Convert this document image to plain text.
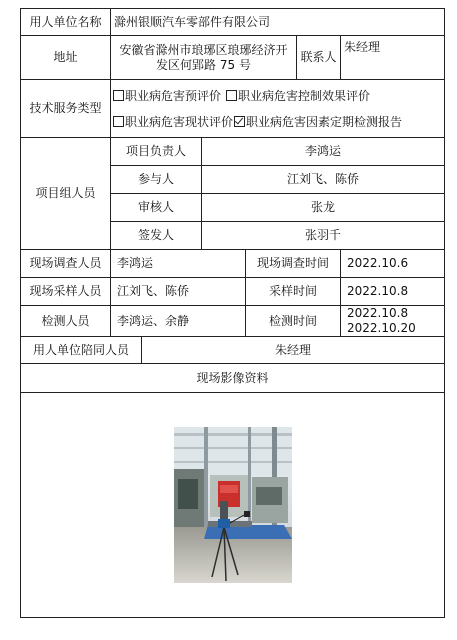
用人单位名称	滁州银顺汽车零部件有限公司					
地址	安徽省滁州市琅琊区琅琊经济开
发区何郢路 75 号				联系人	朱经理
技术服务类型	职业病危害预评价 职业病危害控制效果评价
职业病危害现状评价 职业病危害因素定期检测报告					

项目组人员	项目负责人		李鸿运			
	参与人		江刘飞、陈侨			
	审核人		张龙			
	签发人		张羽千			
现场调查人员	李鸿运			现场调查时间		2022.10.6
现场采样人员	江刘飞、陈侨			采样时间		2022.10.8
检测人员	李鸿运、余静			检测时间		2022.10.8
2022.10.20

用人单位陪同人员		朱经理				
现场影像资料						
